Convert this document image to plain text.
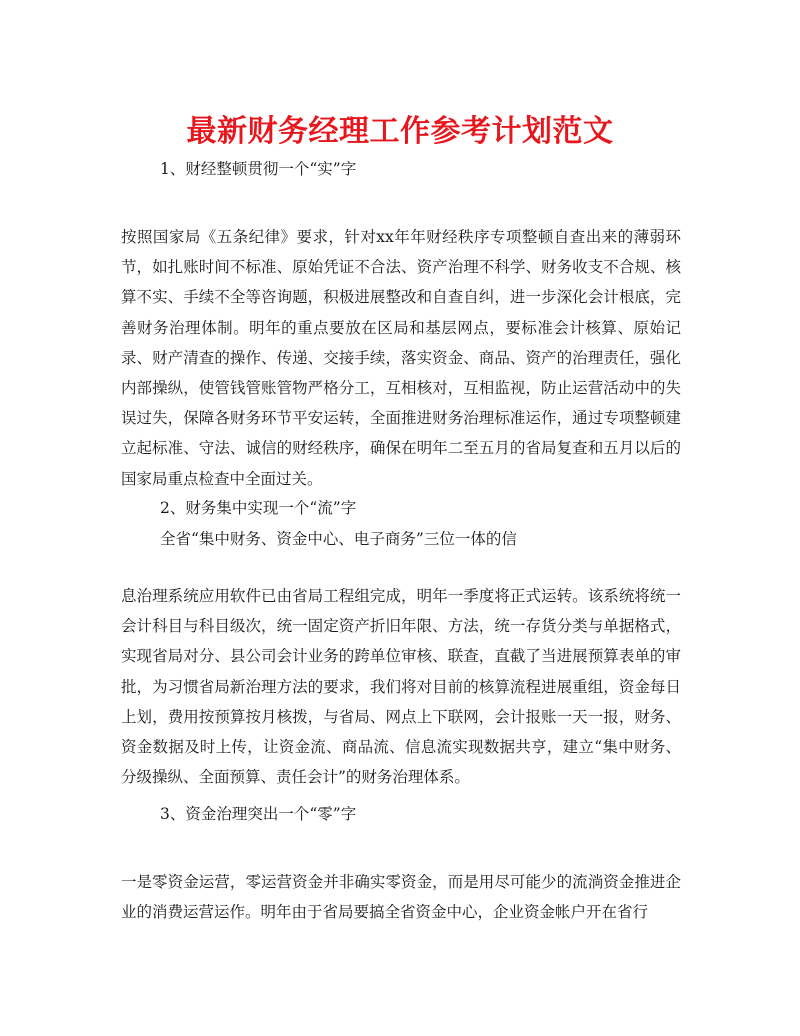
最新财务经理工作参考计划范文
1、财经整顿贯彻一个“实”字
按照国家局《五条纪律》要求，针对xx年年财经秩序专项整顿自查出来的薄弱环节，如扎账时间不标准、原始凭证不合法、资产治理不科学、财务收支不合规、核算不实、手续不全等咨询题，积极进展整改和自查自纠，进一步深化会计根底，完善财务治理体制。明年的重点要放在区局和基层网点，要标准会计核算、原始记录、财产清查的操作、传递、交接手续，落实资金、商品、资产的治理责任，强化内部操纵，使管钱管账管物严格分工，互相核对，互相监视，防止运营活动中的失误过失，保障各财务环节平安运转，全面推进财务治理标准运作，通过专项整顿建立起标准、守法、诚信的财经秩序，确保在明年二至五月的省局复查和五月以后的国家局重点检查中全面过关。
2、财务集中实现一个“流”字
全省“集中财务、资金中心、电子商务”三位一体的信
息治理系统应用软件已由省局工程组完成，明年一季度将正式运转。该系统将统一会计科目与科目级次，统一固定资产折旧年限、方法，统一存货分类与单据格式，实现省局对分、县公司会计业务的跨单位审核、联查，直截了当进展预算表单的审批，为习惯省局新治理方法的要求，我们将对目前的核算流程进展重组，资金每日上划，费用按预算按月核拨，与省局、网点上下联网，会计报账一天一报，财务、资金数据及时上传，让资金流、商品流、信息流实现数据共亨，建立“集中财务、分级操纵、全面预算、责任会计”的财务治理体系。
3、资金治理突出一个“零”字
一是零资金运营，零运营资金并非确实零资金，而是用尽可能少的流淌资金推进企业的消费运营运作。明年由于省局要搞全省资金中心，企业资金帐户开在省行
